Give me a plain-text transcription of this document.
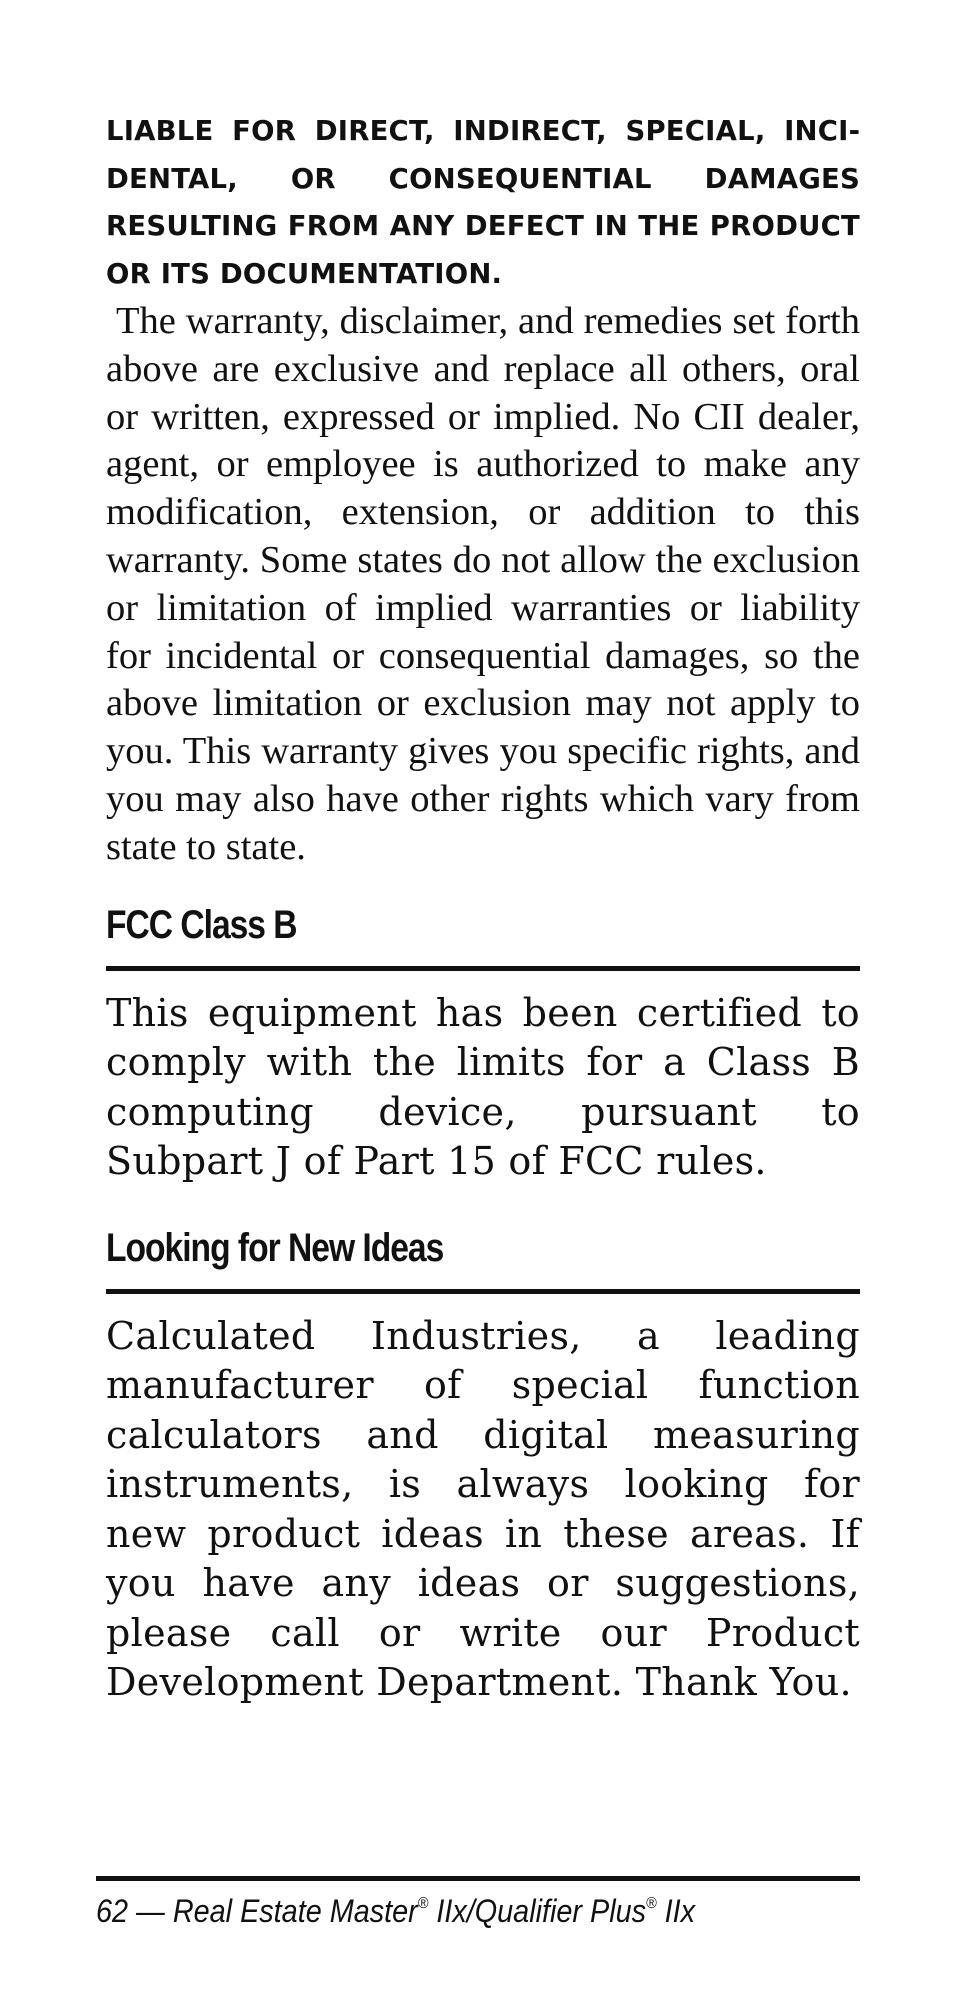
LIABLE FOR DIRECT, INDIRECT, SPECIAL, INCIDENTAL, OR CONSEQUENTIAL DAMAGES RESULTING FROM ANY DEFECT IN THE PRODUCT OR ITS DOCUMENTATION.

The warranty, disclaimer, and remedies set forth above are exclusive and replace all others, oral or written, expressed or implied. No CII dealer, agent, or employee is authorized to make any modification, extension, or addition to this warranty. Some states do not allow the exclusion or limitation of implied warranties or liability for incidental or consequential damages, so the above limitation or exclusion may not apply to you. This warranty gives you specific rights, and you may also have other rights which vary from state to state.

FCC Class B

This equipment has been certified to comply with the limits for a Class B computing device, pursuant to Subpart J of Part 15 of FCC rules.

Looking for New Ideas

Calculated Industries, a leading manufacturer of special function calculators and digital measuring instruments, is always looking for new product ideas in these areas. If you have any ideas or suggestions, please call or write our Product Development Department. Thank You.

62 — Real Estate Master® IIx/Qualifier Plus® IIx
